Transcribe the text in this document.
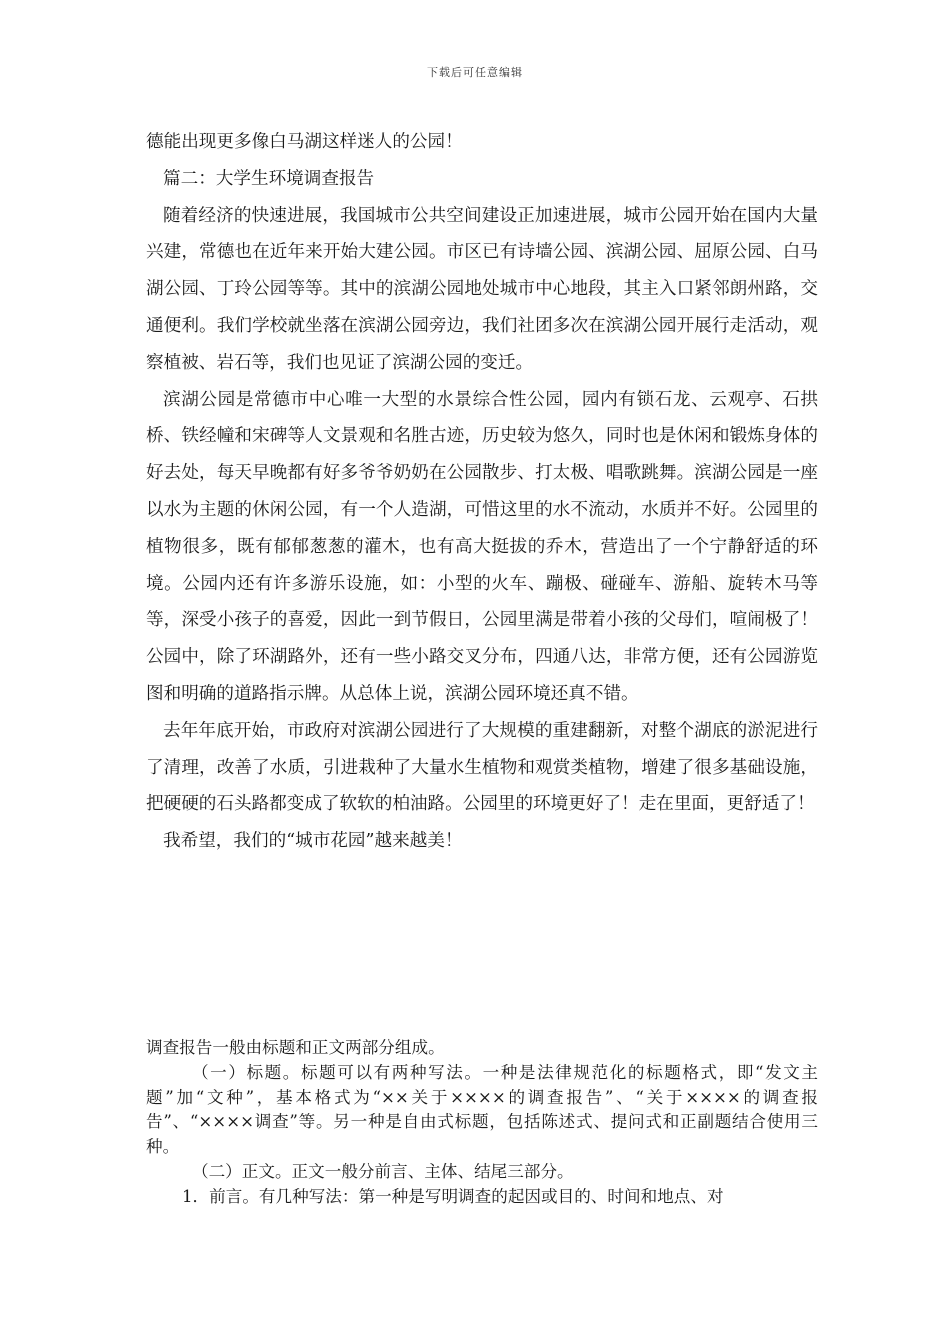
下载后可任意编辑

德能出现更多像白马湖这样迷人的公园！

篇二：大学生环境调查报告

随着经济的快速进展，我国城市公共空间建设正加速进展，城市公园开始在国内大量兴建，常德也在近年来开始大建公园。市区已有诗墙公园、滨湖公园、屈原公园、白马湖公园、丁玲公园等等。其中的滨湖公园地处城市中心地段，其主入口紧邻朗州路，交通便利。我们学校就坐落在滨湖公园旁边，我们社团多次在滨湖公园开展行走活动，观察植被、岩石等，我们也见证了滨湖公园的变迁。

滨湖公园是常德市中心唯一大型的水景综合性公园，园内有锁石龙、云观亭、石拱桥、铁经幢和宋碑等人文景观和名胜古迹，历史较为悠久，同时也是休闲和锻炼身体的好去处，每天早晚都有好多爷爷奶奶在公园散步、打太极、唱歌跳舞。滨湖公园是一座以水为主题的休闲公园，有一个人造湖，可惜这里的水不流动，水质并不好。公园里的植物很多，既有郁郁葱葱的灌木，也有高大挺拔的乔木，营造出了一个宁静舒适的环境。公园内还有许多游乐设施，如：小型的火车、蹦极、碰碰车、游船、旋转木马等等，深受小孩子的喜爱，因此一到节假日，公园里满是带着小孩的父母们，喧闹极了！公园中，除了环湖路外，还有一些小路交叉分布，四通八达，非常方便，还有公园游览图和明确的道路指示牌。从总体上说，滨湖公园环境还真不错。

去年年底开始，市政府对滨湖公园进行了大规模的重建翻新，对整个湖底的淤泥进行了清理，改善了水质，引进栽种了大量水生植物和观赏类植物，增建了很多基础设施，把硬硬的石头路都变成了软软的柏油路。公园里的环境更好了！走在里面，更舒适了！

我希望，我们的“城市花园”越来越美！

调查报告一般由标题和正文两部分组成。

（一）标题。标题可以有两种写法。一种是法律规范化的标题格式，即“发文主题”加“文种”，基本格式为“××关于××××的调查报告”、“关于××××的调查报告”、“××××调查”等。另一种是自由式标题，包括陈述式、提问式和正副题结合使用三种。

（二）正文。正文一般分前言、主体、结尾三部分。

1．前言。有几种写法：第一种是写明调查的起因或目的、时间和地点、对
